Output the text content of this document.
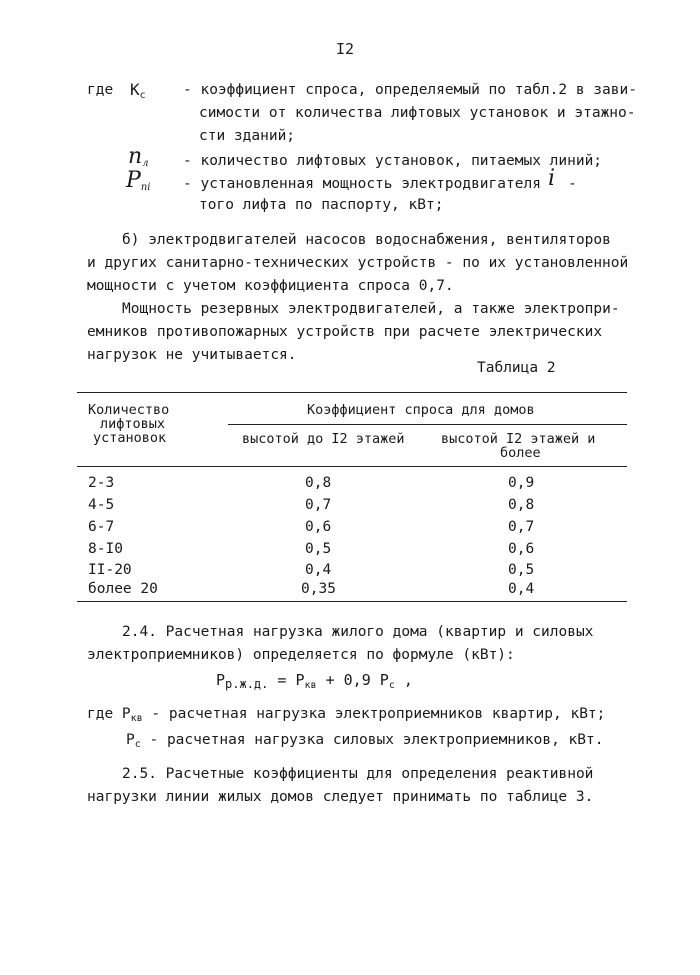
I2
где $К_с$	- коэффициент спроса, определяемый по табл.2 в зави-
симости от количества лифтовых установок и этажно-
сти зданий;
$n_л$ - количество лифтовых установок, питаемых линий;
$P_{ni}$ - установленная мощность электродвигателя i -
того лифта по паспорту, кВт;
б) электродвигателей насосов водоснабжения, вентиляторов
и других санитарно-технических устройств - по их установленной
мощности с учетом коэффициента спроса 0,7.
Мощность резервных электродвигателей, а также электропри-
емников противопожарных устройств при расчете электрических
нагрузок не учитывается.
Таблица 2
Количество
лифтовых
установок
Коэффициент спроса для домов
высотой до I2 этажей	высотой I2 этажей и
более
2-3	0,8	0,9
4-5	0,7	0,8
6-7	0,6	0,7
8-I0	0,5	0,6
II-20	0,4	0,5
более 20	0,35	0,4
2.4. Расчетная нагрузка жилого дома (квартир и силовых
электроприемников) определяется по формуле (кВт):
$P_{р.ж.д.} = P_{кв} + 0,9$ $P_с$ ,
где $P_{кв}$ - расчетная нагрузка электроприемников квартир, кВт;
$P_с$ - расчетная нагрузка силовых электроприемников, кВт.
2.5. Расчетные коэффициенты для определения реактивной
нагрузки линии жилых домов следует принимать по таблице 3.
